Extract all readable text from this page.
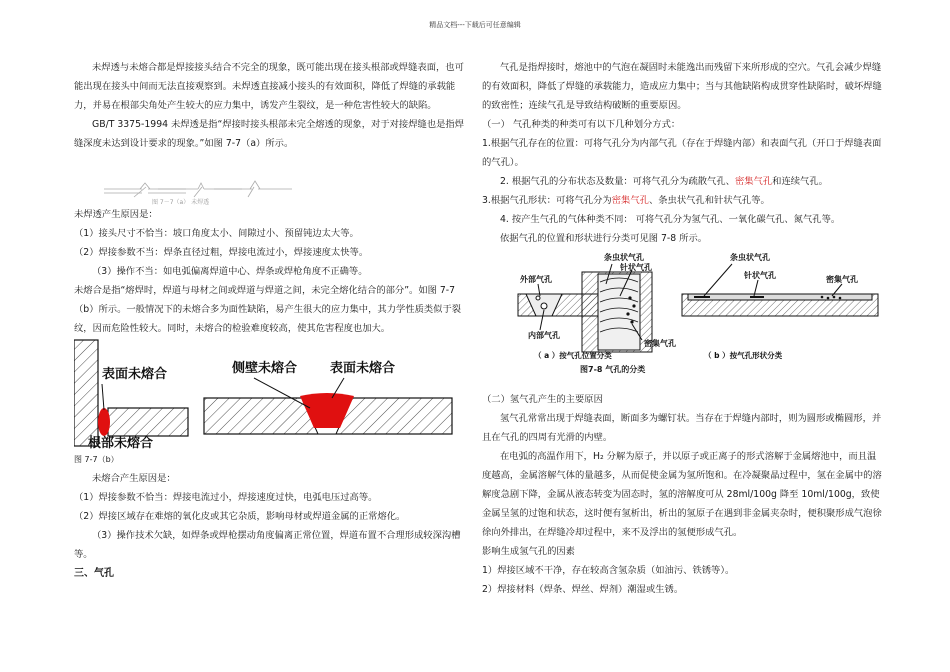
精品文档---下载后可任意编辑

未焊透与未熔合都是焊接接头结合不完全的现象，既可能出现在接头根部或焊缝表面，也可能出现在接头中间而无法直接观察到。未焊透直接减小接头的有效面积，降低了焊缝的承载能力，并易在根部尖角处产生较大的应力集中，诱发产生裂纹，是一种危害性较大的缺陷。

GB/T 3375-1994 未焊透是指“焊接时接头根部未完全熔透的现象，对于对接焊缝也是指焊缝深度未达到设计要求的现象。”如图 7-7（a）所示。

图 7－7（a） 未焊透

未焊透产生原因是：

（1）接头尺寸不恰当：坡口角度太小、间隙过小、预留钝边太大等。

（2）焊接参数不当：焊条直径过粗，焊接电流过小，焊接速度太快等。

（3）操作不当：如电弧偏离焊道中心、焊条或焊枪角度不正确等。

未熔合是指“熔焊时，焊道与母材之间或焊道与焊道之间，未完全熔化结合的部分”。如图 7-7（b）所示。一般情况下的未熔合多为面性缺陷，易产生很大的应力集中，其力学性质类似于裂纹，因而危险性较大。同时，未熔合的检验难度较高，使其危害程度也加大。

表面未熔合
根部未熔合
侧壁未熔合	表面未熔合

图 7-7（b）

未熔合产生原因是：

（1）焊接参数不恰当：焊接电流过小，焊接速度过快，电弧电压过高等。

（2）焊接区域存在难熔的氧化皮或其它杂质，影响母材或焊道金属的正常熔化。

（3）操作技术欠缺，如焊条或焊枪摆动角度偏离正常位置，焊道布置不合理形成较深沟槽等。

三、气孔

气孔是指焊接时，熔池中的气泡在凝固时未能逸出而残留下来所形成的空穴。气孔会减少焊缝的有效面积，降低了焊缝的承载能力，造成应力集中；当与其他缺陷构成贯穿性缺陷时，破坏焊缝的致密性；连续气孔是导致结构破断的重要原因。

（一） 气孔种类的种类可有以下几种划分方式：

1.根据气孔存在的位置：可将气孔分为内部气孔（存在于焊缝内部）和表面气孔（开口于焊缝表面的气孔）。

2. 根据气孔的分布状态及数量：可将气孔分为疏散气孔、密集气孔和连续气孔。

3.根据气孔形状：可将气孔分为密集气孔、条虫状气孔和针状气孔等。

4. 按产生气孔的气体种类不同： 可将气孔分为氢气孔、一氧化碳气孔、氮气孔等。

依据气孔的位置和形状进行分类可见图 7-8 所示。

外部气孔
内部气孔
条虫状气孔
针状气孔
密集气孔
条虫状气孔
针状气孔	密集气孔
（ a ）按气孔位置分类	（ b ）按气孔形状分类

图7-8 气孔的分类

（二）氢气孔产生的主要原因

氢气孔常常出现于焊缝表面，断面多为螺钉状。当存在于焊缝内部时，则为圆形或椭圆形，并且在气孔的四周有光滑的内壁。

在电弧的高温作用下，H₂ 分解为原子，并以原子或正离子的形式溶解于金属熔池中，而且温度越高，金属溶解气体的量越多，从而促使金属为氢所饱和。在冷凝聚晶过程中，氢在金属中的溶解度急剧下降，金属从液态转变为固态时，氢的溶解度可从 28ml/100g 降至 10ml/100g，致使金属呈氢的过饱和状态，这时便有氢析出，析出的氢原子在遇到非金属夹杂时，便积聚形成气泡徐徐向外排出，在焊缝冷却过程中，来不及浮出的氢便形成气孔。

影响生成氢气孔的因素

1）焊接区域不干净，存在较高含氢杂质（如油污、铁锈等）。

2）焊接材料（焊条、焊丝、焊剂）潮湿或生锈。
